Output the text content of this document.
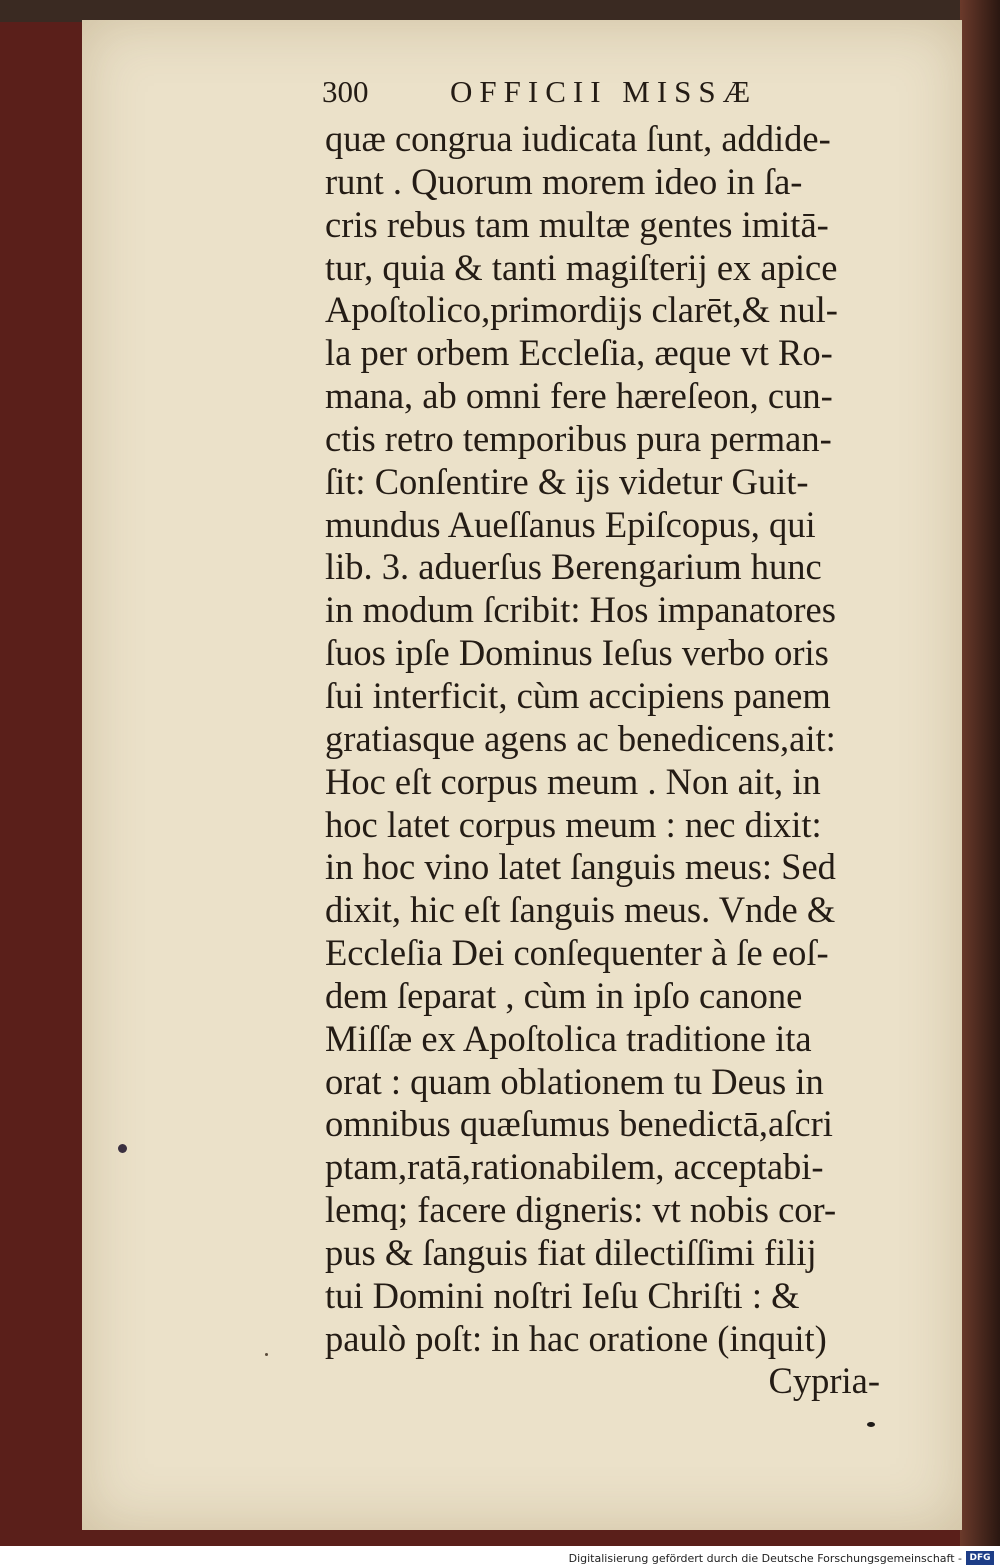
300	OFFICII MISSÆ
quæ congrua iudicata ſunt, addide-
runt . Quorum morem ideo in ſa-
cris rebus tam multæ gentes imitā-
tur, quia & tanti magiſterij ex apice
Apoſtolico,primordijs clarēt,& nul-
la per orbem Eccleſia, æque vt Ro-
mana, ab omni fere hæreſeon, cun-
ctis retro temporibus pura perman-
ſit: Conſentire & ijs videtur Guit-
mundus Aueſſanus Epiſcopus, qui
lib. 3. aduerſus Berengarium hunc
in modum ſcribit: Hos impanatores
ſuos ipſe Dominus Ieſus verbo oris
ſui interficit, cùm accipiens panem
gratiasque agens ac benedicens,ait:
Hoc eſt corpus meum . Non ait, in
hoc latet corpus meum : nec dixit:
in hoc vino latet ſanguis meus: Sed
dixit, hic eſt ſanguis meus. Vnde &
Eccleſia Dei conſequenter à ſe eoſ-
dem ſeparat , cùm in ipſo canone
Miſſæ ex Apoſtolica traditione ita
orat : quam oblationem tu Deus in
omnibus quæſumus benedictā,aſcri
ptam,ratā,rationabilem, acceptabi-
lemq; facere digneris: vt nobis cor-
pus & ſanguis fiat dilectiſſimi filij
tui Domini noſtri Ieſu Chriſti : &
paulò poſt: in hac oratione (inquit)
Cypria-
Digitalisierung gefördert durch die Deutsche Forschungsgemeinschaft - DFG
